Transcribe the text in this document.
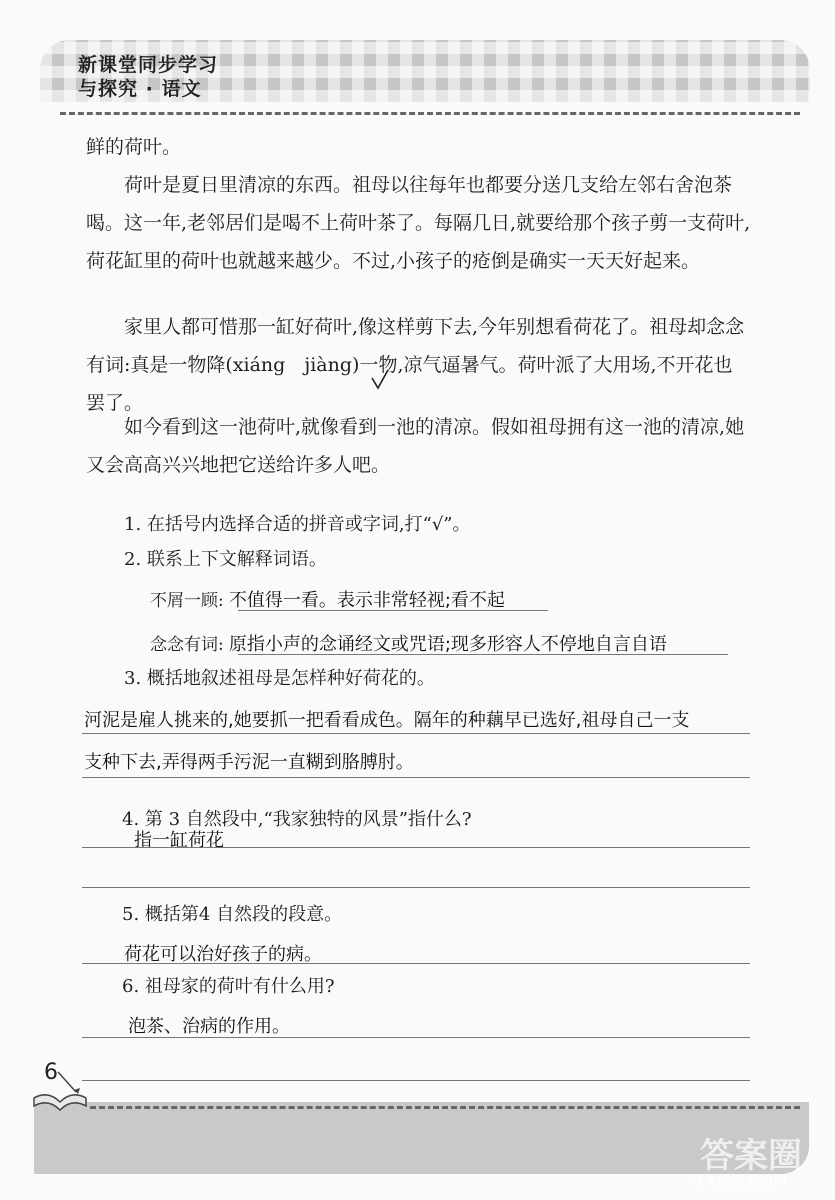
新课堂同步学习
与探究 · 语文

鲜的荷叶。

荷叶是夏日里清凉的东西。祖母以往每年也都要分送几支给左邻右舍泡茶喝。这一年,老邻居们是喝不上荷叶茶了。每隔几日,就要给那个孩子剪一支荷叶,荷花缸里的荷叶也就越来越少。不过,小孩子的疮倒是确实一天天好起来。

家里人都可惜那一缸好荷叶,像这样剪下去,今年别想看荷花了。祖母却念念有词:真是一物降(xiáng　jiàng)一物,凉气逼暑气。荷叶派了大用场,不开花也罢了。

如今看到这一池荷叶,就像看到一池的清凉。假如祖母拥有这一池的清凉,她又会高高兴兴地把它送给许多人吧。

1. 在括号内选择合适的拼音或字词,打“√”。

2. 联系上下文解释词语。

不屑一顾: 不值得一看。表示非常轻视;看不起
念念有词: 原指小声的念诵经文或咒语;现多形容人不停地自言自语

3. 概括地叙述祖母是怎样种好荷花的。

河泥是雇人挑来的,她要抓一把看看成色。隔年的种藕早已选好,祖母自己一支
支种下去,弄得两手污泥一直糊到胳膊肘。

4. 第 3 自然段中,“我家独特的风景”指什么?

指一缸荷花

5. 概括第4 自然段的段意。

荷花可以治好孩子的病。

6. 祖母家的荷叶有什么用?

泡茶、治病的作用。
6
答案圈
MXQE.COM
